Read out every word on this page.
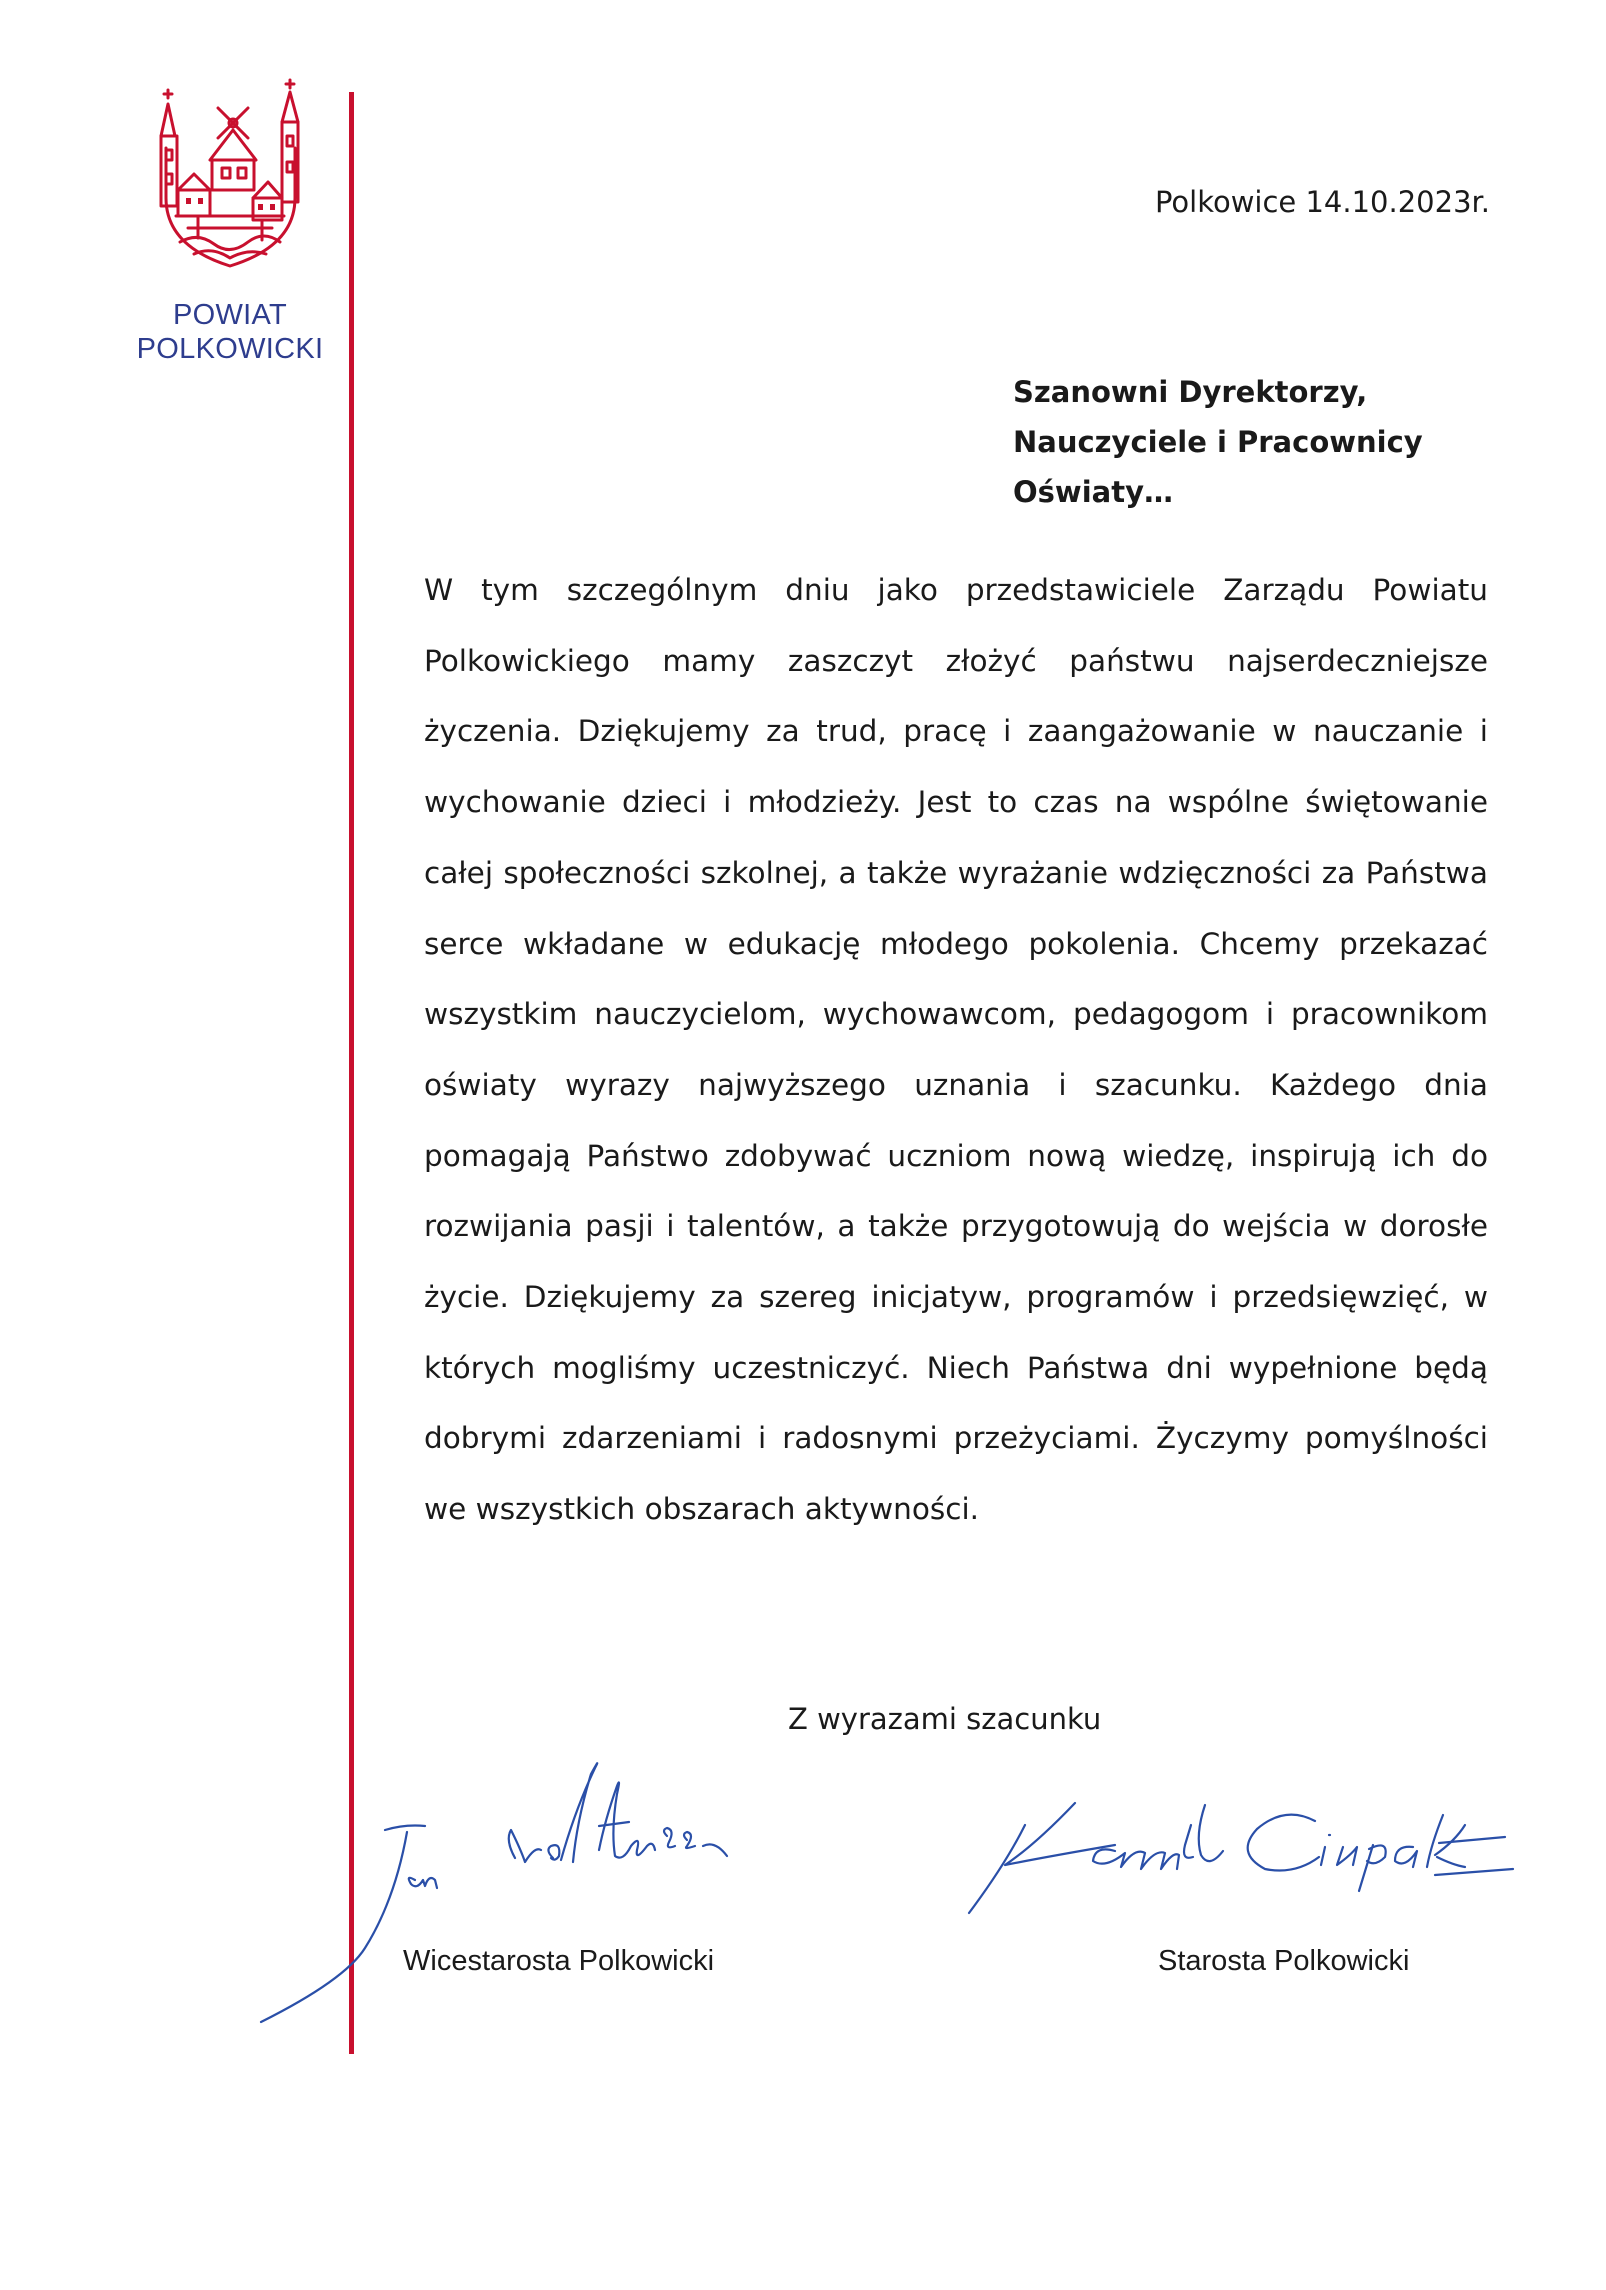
POWIAT
POLKOWICKI
Polkowice 14.10.2023r.
Szanowni Dyrektorzy,
Nauczyciele i Pracownicy
Oświaty…
W tym szczególnym dniu jako przedstawiciele Zarządu Powiatu Polkowickiego mamy zaszczyt złożyć państwu najserdeczniejsze życzenia. Dziękujemy za trud, pracę i zaangażowanie w nauczanie i wychowanie dzieci i młodzieży. Jest to czas na wspólne świętowanie całej społeczności szkolnej, a także wyrażanie wdzięczności za Państwa serce wkładane w edukację młodego pokolenia. Chcemy przekazać wszystkim nauczycielom, wychowawcom, pedagogom i pracownikom oświaty wyrazy najwyższego uznania i szacunku. Każdego dnia pomagają Państwo zdobywać uczniom nową wiedzę, inspirują ich do rozwijania pasji i talentów, a także przygotowują do wejścia w dorosłe życie. Dziękujemy za szereg inicjatyw, programów i przedsięwzięć, w których mogliśmy uczestniczyć. Niech Państwa dni wypełnione będą dobrymi zdarzeniami i radosnymi przeżyciami. Życzymy pomyślności we wszystkich obszarach aktywności.
Z wyrazami szacunku
Wicestarosta Polkowicki	Starosta Polkowicki
